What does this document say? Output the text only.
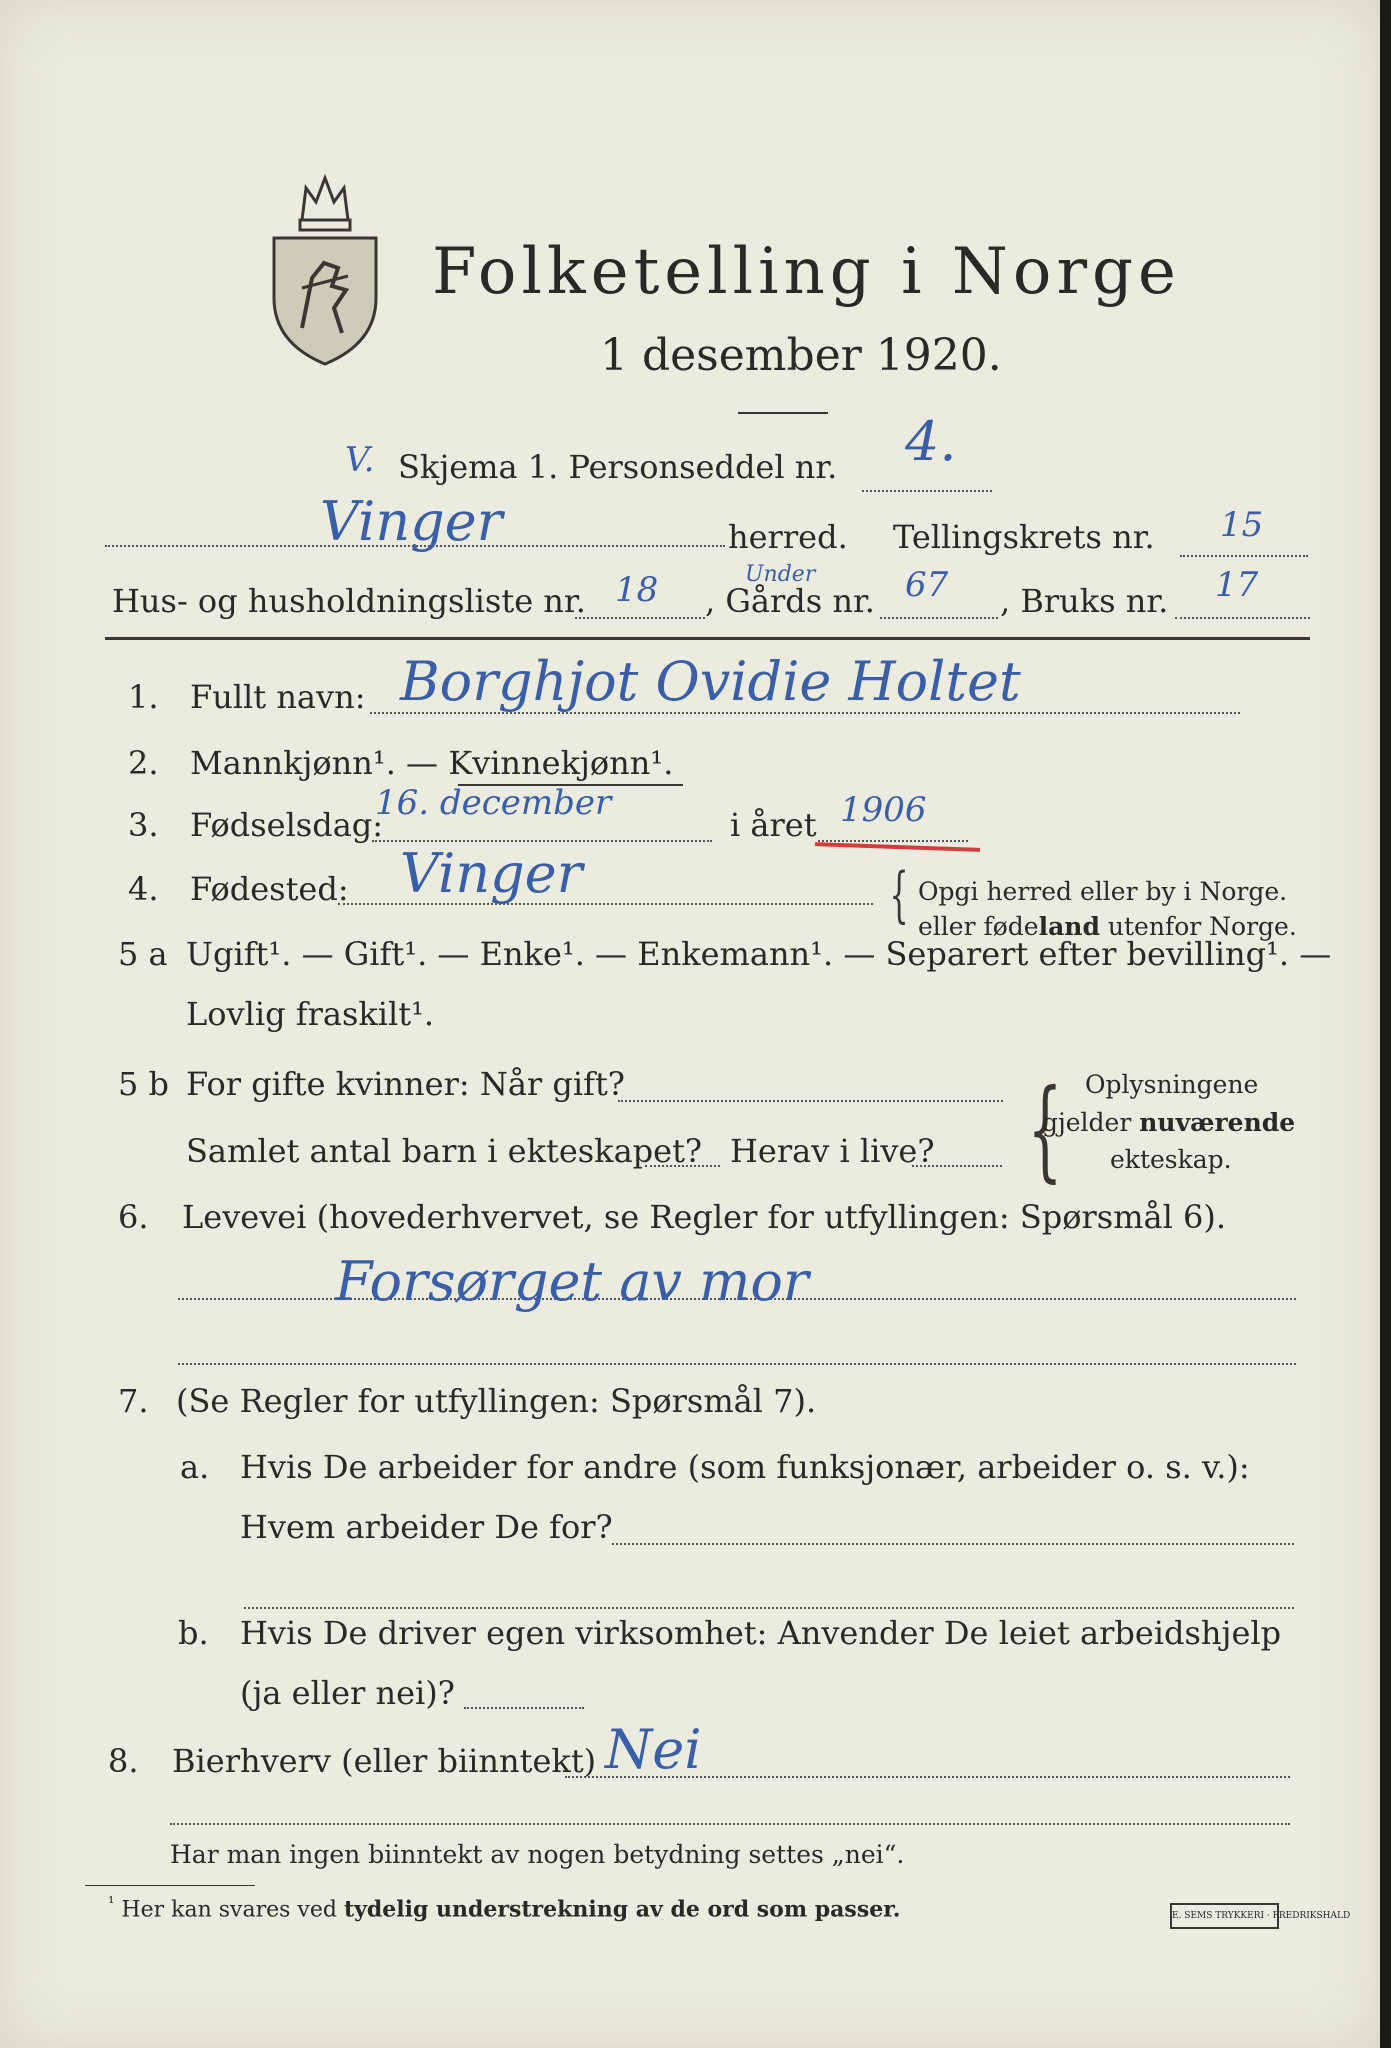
Folketelling i Norge
1 desember 1920.
V. Skjema 1. Personseddel nr. 4.
Vinger	herred. Tellingskrets nr. 15
Hus- og husholdningsliste nr. 18	Under
, Gårds nr. 67 , Bruks nr. 17
1. Fullt navn: Borghjot Ovidie Holtet
2. Mannkjønn¹. — Kvinnekjønn¹.
3. Fødselsdag:
16. december
i året 1906
4. Fødested: Vinger	{ Opgi herred eller by i Norge.
eller fødeland utenfor Norge.
5 a Ugift¹. — Gift¹. — Enke¹. — Enkemann¹. — Separert efter bevilling¹. —
Lovlig fraskilt¹.
5 b For gifte kvinner: Når gift?
Samlet antal barn i ekteskapet? Herav i live? { Oplysningene
gjelder nuværende
ekteskap.
6. Levevei (hovederhvervet, se Regler for utfyllingen: Spørsmål 6).
Forsørget av mor
7. (Se Regler for utfyllingen: Spørsmål 7).
a. Hvis De arbeider for andre (som funksjonær, arbeider o. s. v.):
Hvem arbeider De for?
b. Hvis De driver egen virksomhet: Anvender De leiet arbeidshjelp
(ja eller nei)?
8. Bierhverv (eller biinntekt) Nei
Har man ingen biinntekt av nogen betydning settes „nei“.
$^{^1}$ Her kan svares ved tydelig understrekning av de ord som passer.	E. SEMS TRYKKERI · FREDRIKSHALD
